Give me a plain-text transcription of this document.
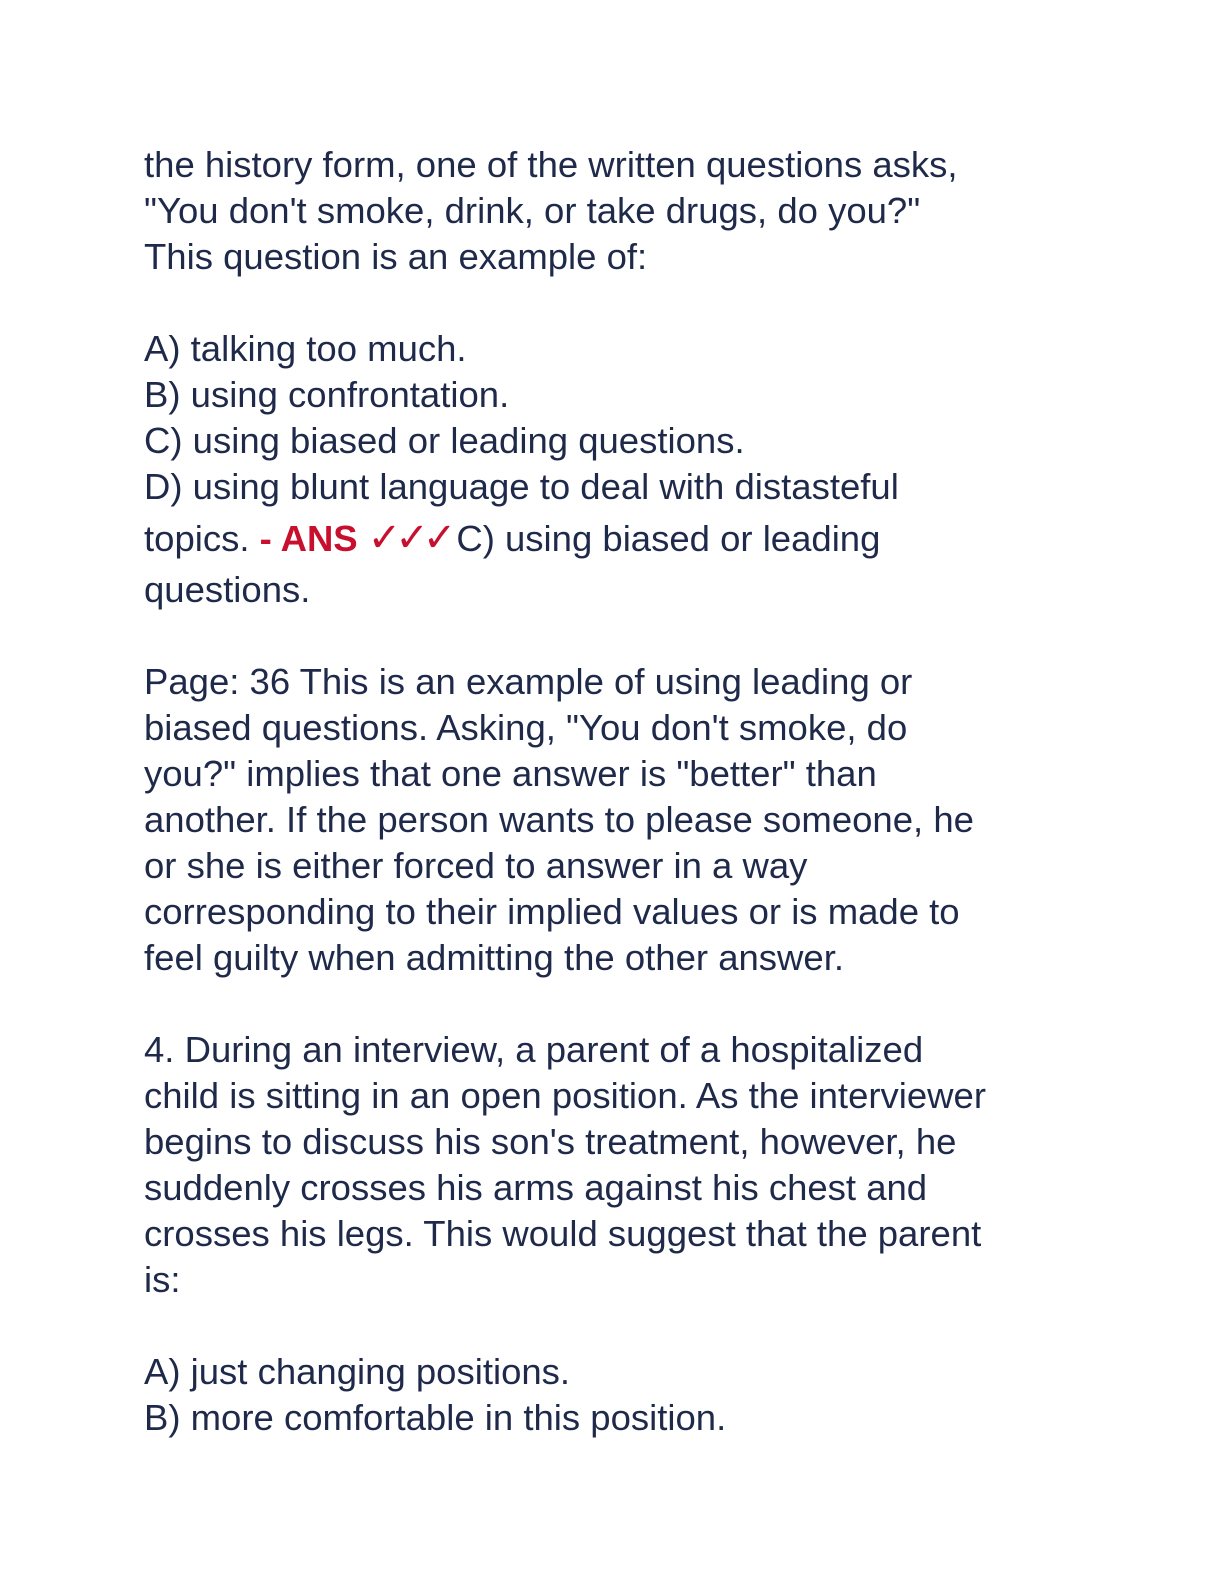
the history form, one of the written questions asks,
"You don't smoke, drink, or take drugs, do you?"
This question is an example of:
A) talking too much.
B) using confrontation.
C) using biased or leading questions.
D) using blunt language to deal with distasteful
topics. - ANS ✓✓✓ C) using biased or leading
questions.
Page: 36 This is an example of using leading or
biased questions. Asking, "You don't smoke, do
you?" implies that one answer is "better" than
another. If the person wants to please someone, he
or she is either forced to answer in a way
corresponding to their implied values or is made to
feel guilty when admitting the other answer.
4. During an interview, a parent of a hospitalized
child is sitting in an open position. As the interviewer
begins to discuss his son's treatment, however, he
suddenly crosses his arms against his chest and
crosses his legs. This would suggest that the parent
is:
A) just changing positions.
B) more comfortable in this position.
